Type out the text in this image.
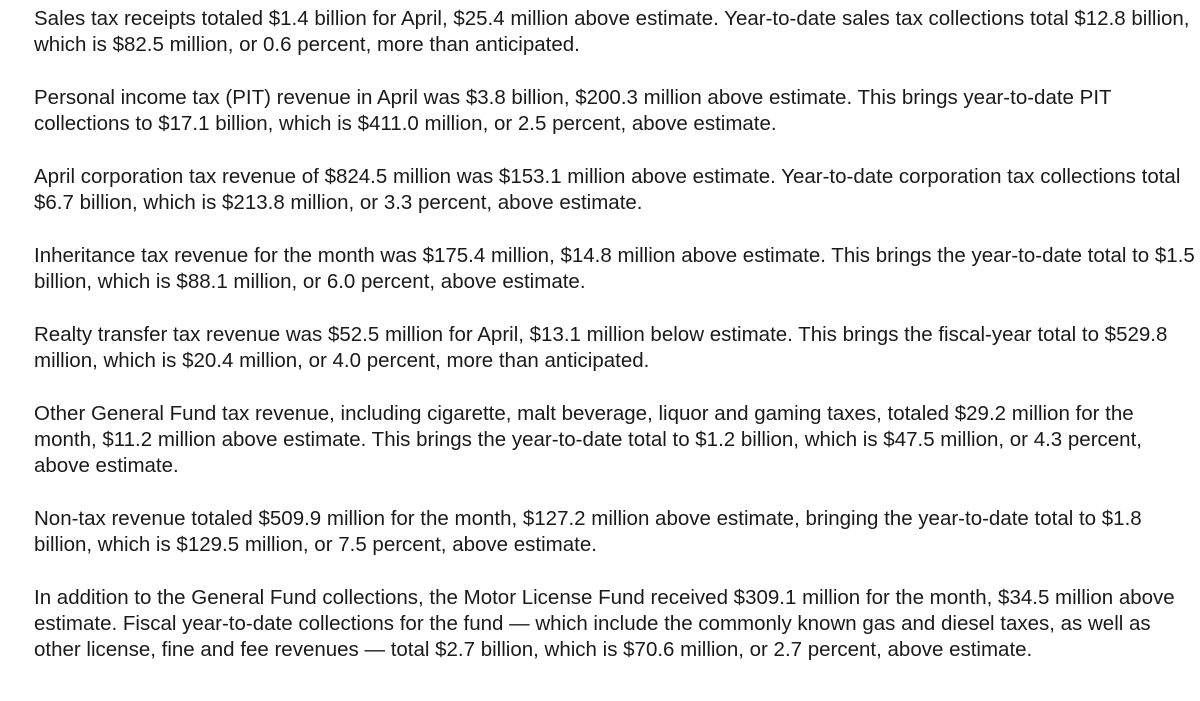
Sales tax receipts totaled $1.4 billion for April, $25.4 million above estimate. Year-to-date sales tax collections total $12.8 billion, which is $82.5 million, or 0.6 percent, more than anticipated.

Personal income tax (PIT) revenue in April was $3.8 billion, $200.3 million above estimate. This brings year-to-date PIT collections to $17.1 billion, which is $411.0 million, or 2.5 percent, above estimate.

April corporation tax revenue of $824.5 million was $153.1 million above estimate. Year-to-date corporation tax collections total $6.7 billion, which is $213.8 million, or 3.3 percent, above estimate.

Inheritance tax revenue for the month was $175.4 million, $14.8 million above estimate. This brings the year-to-date total to $1.5 billion, which is $88.1 million, or 6.0 percent, above estimate.

Realty transfer tax revenue was $52.5 million for April, $13.1 million below estimate. This brings the fiscal-year total to $529.8 million, which is $20.4 million, or 4.0 percent, more than anticipated.

Other General Fund tax revenue, including cigarette, malt beverage, liquor and gaming taxes, totaled $29.2 million for the month, $11.2 million above estimate. This brings the year-to-date total to $1.2 billion, which is $47.5 million, or 4.3 percent, above estimate.

Non-tax revenue totaled $509.9 million for the month, $127.2 million above estimate, bringing the year-to-date total to $1.8 billion, which is $129.5 million, or 7.5 percent, above estimate.

In addition to the General Fund collections, the Motor License Fund received $309.1 million for the month, $34.5 million above estimate. Fiscal year-to-date collections for the fund — which include the commonly known gas and diesel taxes, as well as other license, fine and fee revenues — total $2.7 billion, which is $70.6 million, or 2.7 percent, above estimate.
